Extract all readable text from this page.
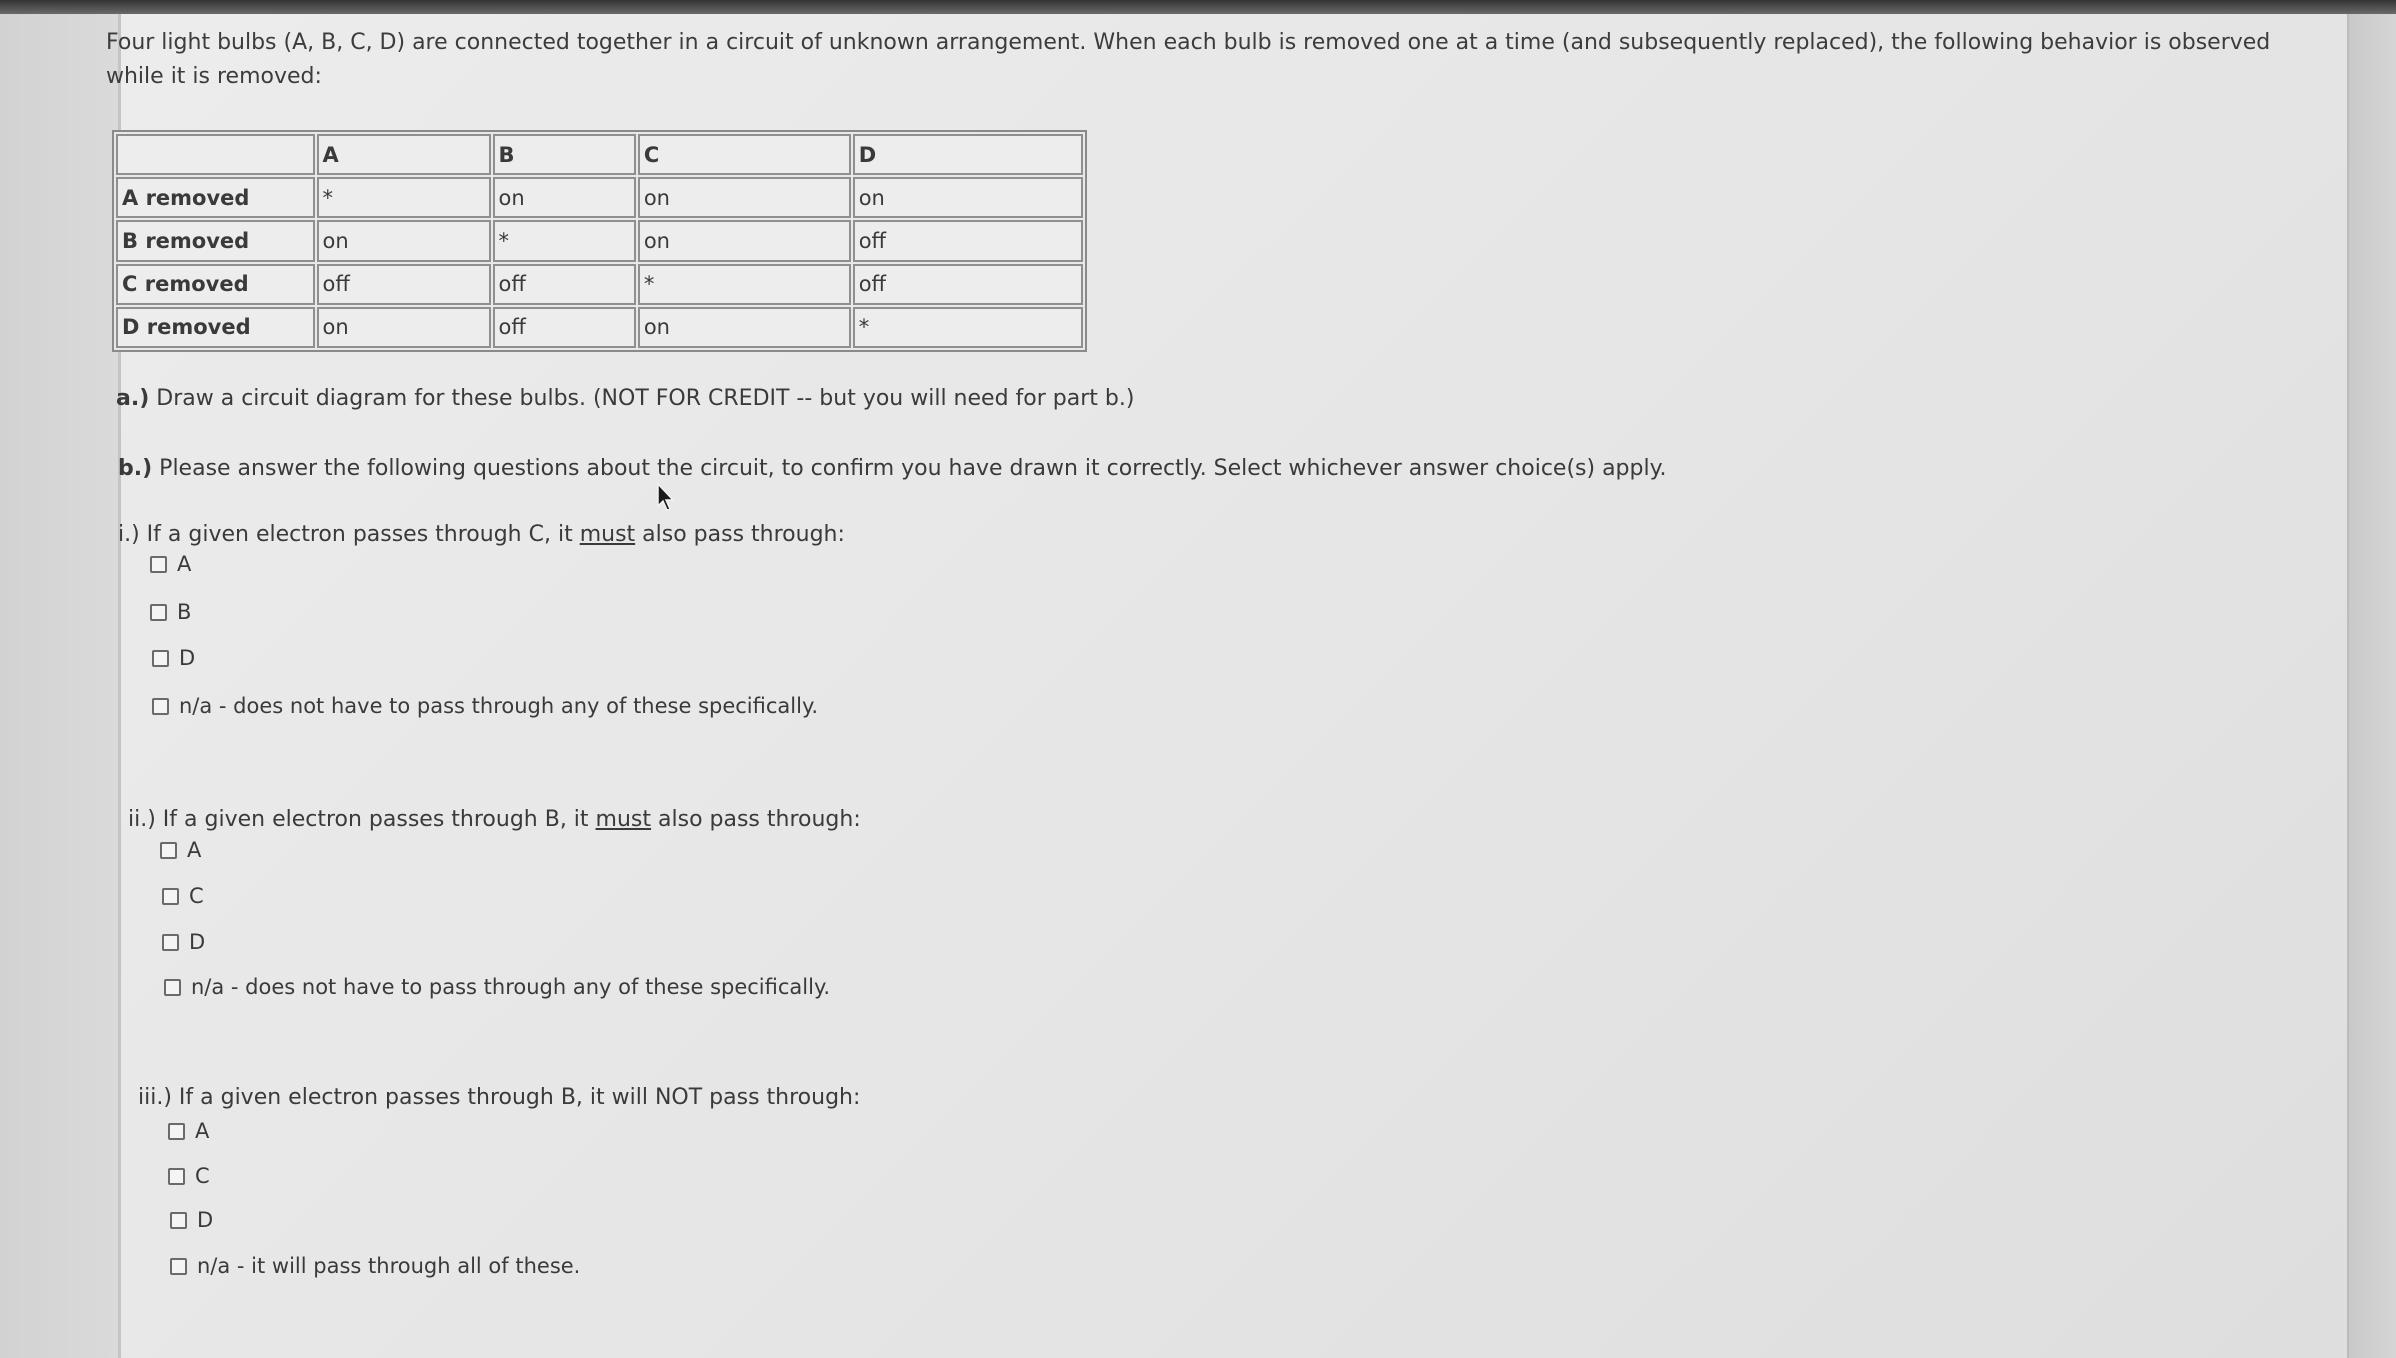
Four light bulbs (A, B, C, D) are connected together in a circuit of unknown arrangement. When each bulb is removed one at a time (and subsequently replaced), the following behavior is observed while it is removed:

	A	B	C	D
A removed	*	on	on	on
B removed	on	*	on	off
C removed	off	off	*	off
D removed	on	off	on	*

a.) Draw a circuit diagram for these bulbs. (NOT FOR CREDIT -- but you will need for part b.)

b.) Please answer the following questions about the circuit, to confirm you have drawn it correctly. Select whichever answer choice(s) apply.

i.) If a given electron passes through C, it must also pass through:

A
B
D
n/a - does not have to pass through any of these specifically.

ii.) If a given electron passes through B, it must also pass through:

A
C
D
n/a - does not have to pass through any of these specifically.

iii.) If a given electron passes through B, it will NOT pass through:

A
C
D
n/a - it will pass through all of these.
